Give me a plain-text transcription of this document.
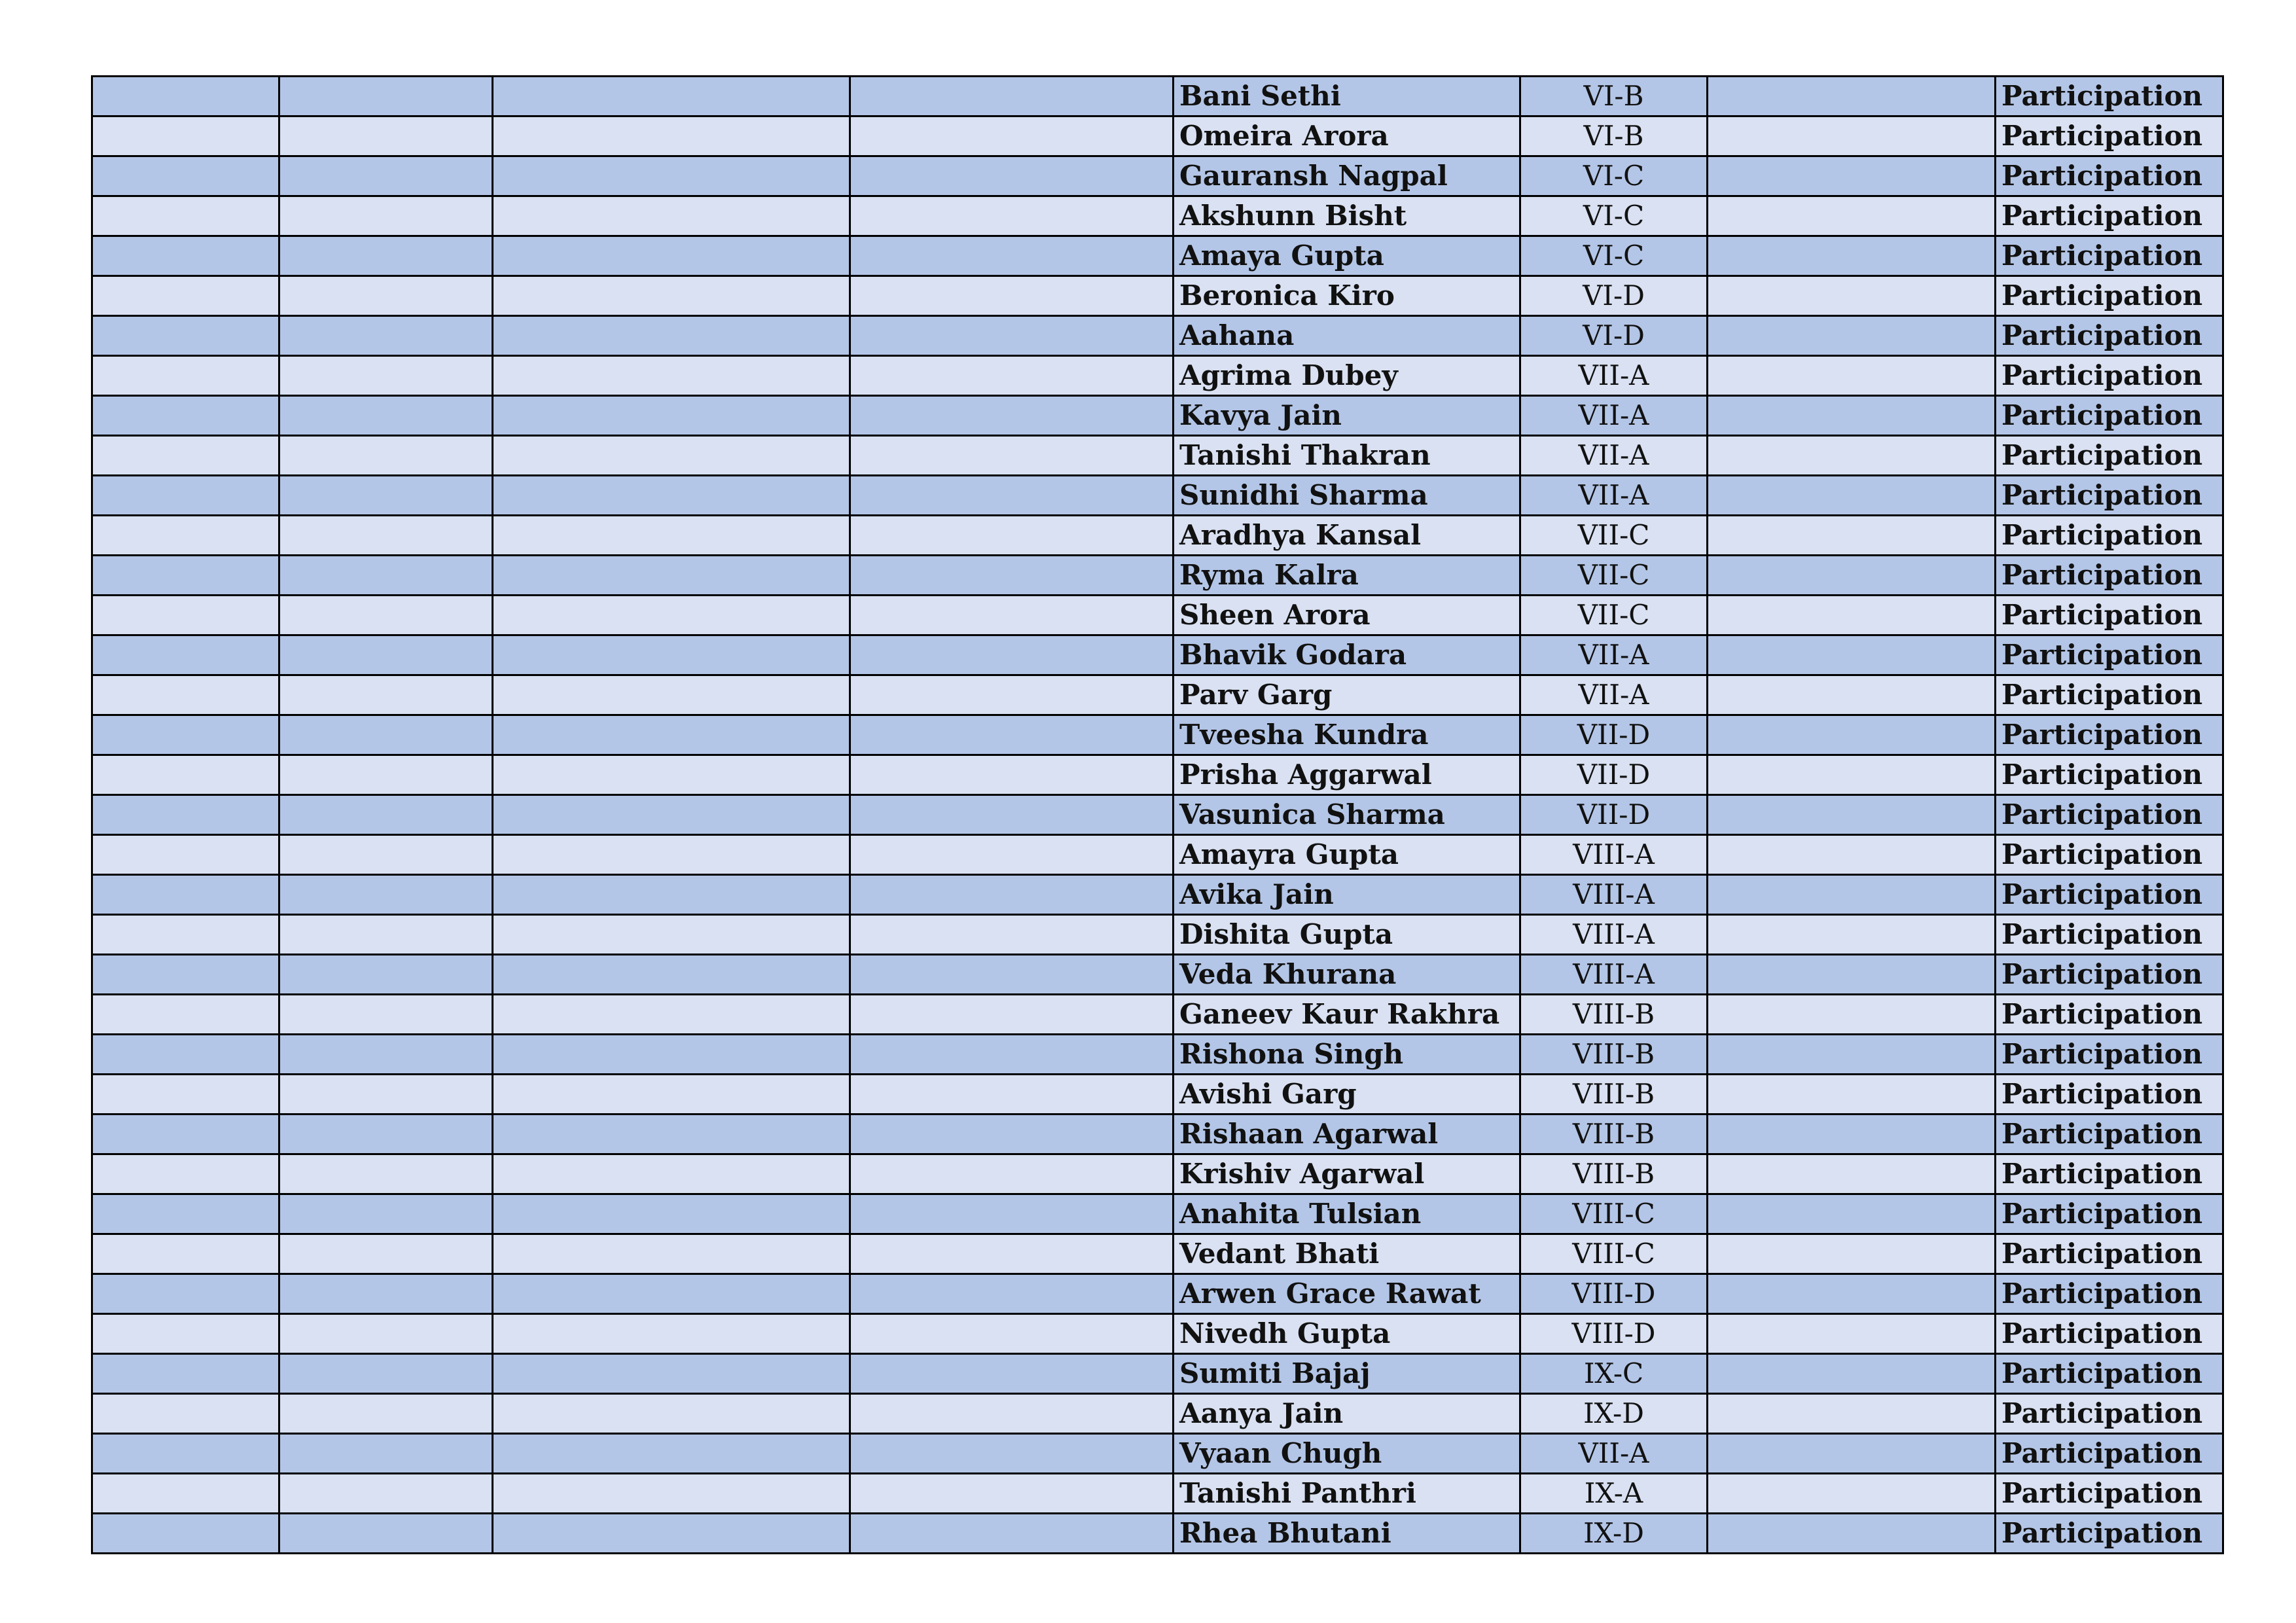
				Bani Sethi	VI-B		Participation
				Omeira Arora	VI-B		Participation
				Gauransh Nagpal	VI-C		Participation
				Akshunn Bisht	VI-C		Participation
				Amaya Gupta	VI-C		Participation
				Beronica Kiro	VI-D		Participation
				Aahana	VI-D		Participation
				Agrima Dubey	VII-A		Participation
				Kavya Jain	VII-A		Participation
				Tanishi Thakran	VII-A		Participation
				Sunidhi Sharma	VII-A		Participation
				Aradhya Kansal	VII-C		Participation
				Ryma Kalra	VII-C		Participation
				Sheen Arora	VII-C		Participation
				Bhavik Godara	VII-A		Participation
				Parv Garg	VII-A		Participation
				Tveesha Kundra	VII-D		Participation
				Prisha Aggarwal	VII-D		Participation
				Vasunica Sharma	VII-D		Participation
				Amayra Gupta	VIII-A		Participation
				Avika Jain	VIII-A		Participation
				Dishita Gupta	VIII-A		Participation
				Veda Khurana	VIII-A		Participation
				Ganeev Kaur Rakhra	VIII-B		Participation
				Rishona Singh	VIII-B		Participation
				Avishi Garg	VIII-B		Participation
				Rishaan Agarwal	VIII-B		Participation
				Krishiv Agarwal	VIII-B		Participation
				Anahita Tulsian	VIII-C		Participation
				Vedant Bhati	VIII-C		Participation
				Arwen Grace Rawat	VIII-D		Participation
				Nivedh Gupta	VIII-D		Participation
				Sumiti Bajaj	IX-C		Participation
				Aanya Jain	IX-D		Participation
				Vyaan Chugh	VII-A		Participation
				Tanishi Panthri	IX-A		Participation
				Rhea Bhutani	IX-D		Participation
